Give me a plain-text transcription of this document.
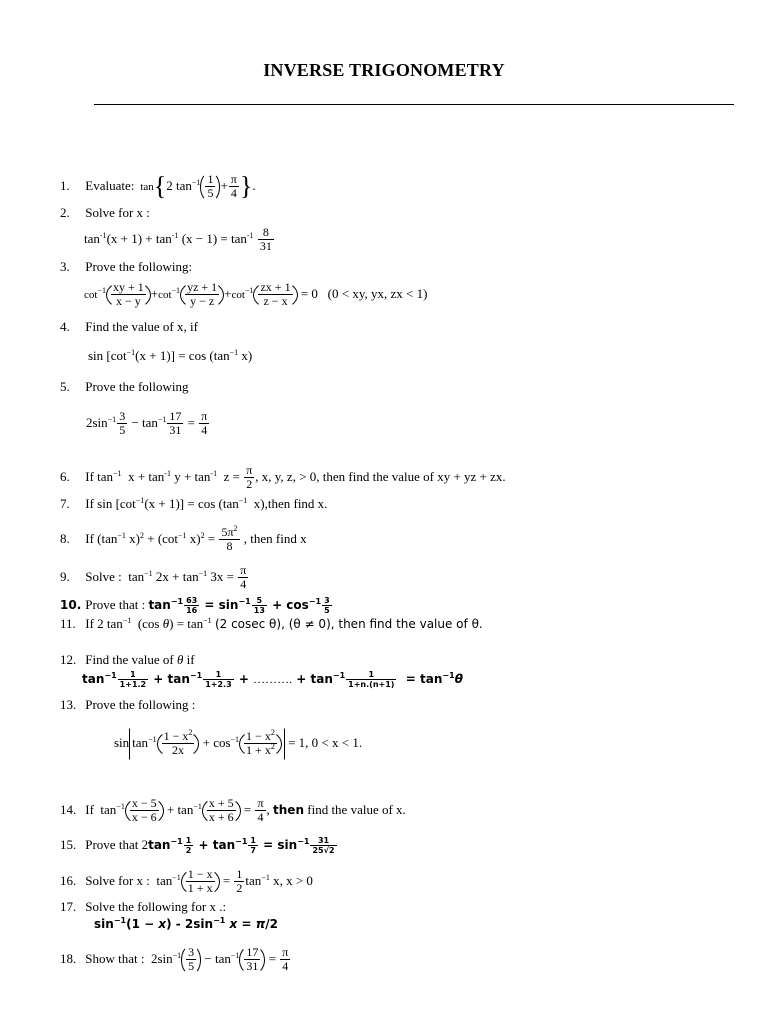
INVERSE TRIGONOMETRY
1. Evaluate:  tan{2 $\tan^{-1} \frac{1}{5} + \frac{\pi}{4}$ }.
2. Solve for x :
$\tan^{-1}(x + 1) + \tan^{-1} (x - 1) = \tan^{-1} \frac{8}{31}$
3. Prove the following:
$\cot^{-1} \frac{xy + 1}{x - y} +\cot^{-1} \frac{yz + 1}{y - z} +\cot^{-1} \frac{zx + 1}{z - x} = 0$   (0 < xy, yx, zx < 1)
4. Find the value of x, if
$\sin [\cot^{-1}(x + 1)] = \cos (\tan^{-1}$ x)
5. Prove the following
$2\sin^{-1} \frac{3}{5} - \tan^{-1} \frac{17}{31} = \frac{\pi}{4}$
6. If $\tan^{-1} x + \tan^{-1} y + \tan^{-1} z = \frac{\pi}{2}$ , x, y, z, > 0, then find the value of xy + yz + zx.
7. If $\sin [\cot^{-1}(x + 1)] = \cos (\tan^{-1}$ x),then find x.
8. If ($\tan^{-1}$ $x)^2 + (\cot^{-1}$ $x)^2 = \frac{5\pi^2}{8}$ , then find x
9. Solve :  $\tan^{-1} 2x + \tan^{-1} 3x = \frac{\pi}{4}$
10. Prove that : $\tan^{-1} \frac{63}{16} = \sin^{-1} \frac{5}{13} + \cos^{-1} \frac{3}{5}$
11. If 2 $\tan^{-1} (\cos$ $\theta) = \tan^{-1} (2$ cosec θ), (θ ≠ 0), then find the value of θ.
12. Find the value of θ if
$\tan^{-1} \frac{1}{1+1.2} + \tan^{-1} \frac{1}{1+2.3}$ + ………. + $\tan^{-1} \frac{1}{1+n.(n+1)} = \tan^{-1}\theta$
13. Prove the following :
$\sin \tan^{-1} \frac{1 - x^2}{2x} + \cos^{-1} \frac{1 - x^2}{1 + x^2} = 1$, 0 < x < 1.
14. If  $\tan^{-1} \frac{x - 5}{x - 6} + \tan^{-1} \frac{x + 5}{x + 6} = \frac{\pi}{4}$ , then find the value of x.
15. Prove that $2\tan^{-1} \frac{1}{2} + \tan^{-1} \frac{1}{7} = \sin^{-1} \frac{31}{25√2}$
16. Solve for x :  $\tan^{-1} \frac{1 - x}{1 + x} = \frac{1}{2} \tan^{-1} x$, x > 0
17. Solve the following for x .:
$\sin^{-1}(1 - x) - 2\sin^{-1}$ x = π/2
18. Show that :  $2\sin^{-1} \frac{3}{5} - \tan^{-1} \frac{17}{31} = \frac{\pi}{4}$
